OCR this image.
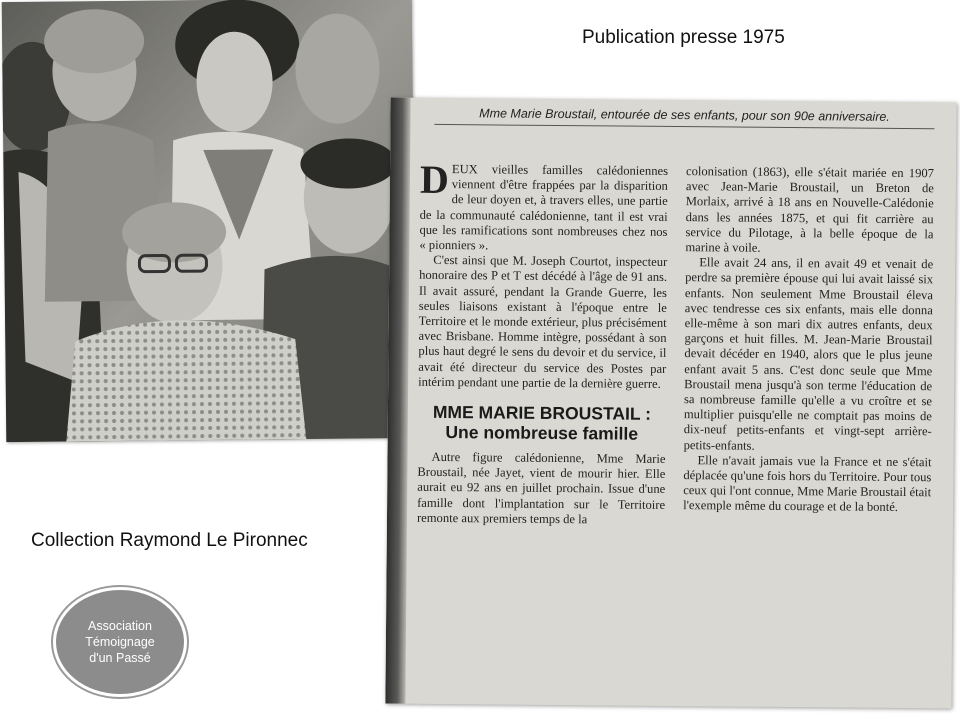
Publication presse 1975
Collection Raymond Le Pironnec
Association
Témoignage
d'un Passé
Mme Marie Broustail, entourée de ses enfants, pour son 90e anniversaire.

DEUX vieilles familles calédoniennes viennent d'être frappées par la disparition de leur doyen et, à travers elles, une partie de la communauté calédonienne, tant il est vrai que les ramifications sont nombreuses chez nos « pionniers ».

C'est ainsi que M. Joseph Courtot, inspecteur honoraire des P et T est décédé à l'âge de 91 ans. Il avait assuré, pendant la Grande Guerre, les seules liaisons existant à l'époque entre le Territoire et le monde extérieur, plus précisément avec Brisbane. Homme intègre, possédant à son plus haut degré le sens du devoir et du service, il avait été directeur du service des Postes par intérim pendant une partie de la dernière guerre.

MME MARIE BROUSTAIL : Une nombreuse famille

Autre figure calédonienne, Mme Marie Broustail, née Jayet, vient de mourir hier. Elle aurait eu 92 ans en juillet prochain. Issue d'une famille dont l'implantation sur le Territoire remonte aux premiers temps de la

colonisation (1863), elle s'était mariée en 1907 avec Jean-Marie Broustail, un Breton de Morlaix, arrivé à 18 ans en Nouvelle-Calédonie dans les années 1875, et qui fit carrière au service du Pilotage, à la belle époque de la marine à voile.

Elle avait 24 ans, il en avait 49 et venait de perdre sa première épouse qui lui avait laissé six enfants. Non seulement Mme Broustail éleva avec tendresse ces six enfants, mais elle donna elle-même à son mari dix autres enfants, deux garçons et huit filles. M. Jean-Marie Broustail devait décéder en 1940, alors que le plus jeune enfant avait 5 ans. C'est donc seule que Mme Broustail mena jusqu'à son terme l'éducation de sa nombreuse famille qu'elle a vu croître et se multiplier puisqu'elle ne comptait pas moins de dix-neuf petits-enfants et vingt-sept arrière-petits-enfants.

Elle n'avait jamais vue la France et ne s'était déplacée qu'une fois hors du Territoire. Pour tous ceux qui l'ont connue, Mme Marie Broustail était l'exemple même du courage et de la bonté.
